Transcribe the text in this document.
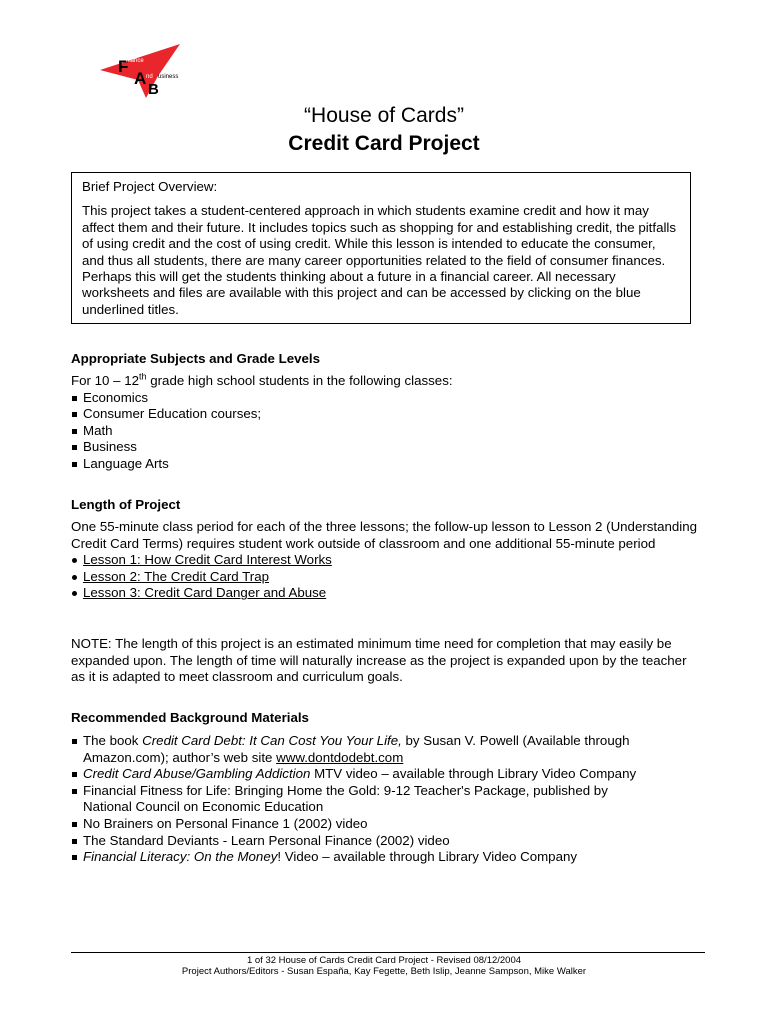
F
A
B
inance
nd usiness
“House of Cards”
Credit Card Project
Brief Project Overview:
This project takes a student-centered approach in which students examine credit and how it may affect them and their future. It includes topics such as shopping for and establishing credit, the pitfalls of using credit and the cost of using credit. While this lesson is intended to educate the consumer, and thus all students, there are many career opportunities related to the field of consumer finances. Perhaps this will get the students thinking about a future in a financial career. All necessary worksheets and files are available with this project and can be accessed by clicking on the blue underlined titles.
Appropriate Subjects and Grade Levels
For 10 – 12th grade high school students in the following classes:
Economics
Consumer Education courses;
Math
Business
Language Arts
Length of Project
One 55-minute class period for each of the three lessons; the follow-up lesson to Lesson 2 (Understanding Credit Card Terms) requires student work outside of classroom and one additional 55-minute period
Lesson 1: How Credit Card Interest Works
Lesson 2: The Credit Card Trap
Lesson 3: Credit Card Danger and Abuse
NOTE: The length of this project is an estimated minimum time need for completion that may easily be expanded upon. The length of time will naturally increase as the project is expanded upon by the teacher as it is adapted to meet classroom and curriculum goals.
Recommended Background Materials
The book Credit Card Debt: It Can Cost You Your Life, by Susan V. Powell (Available through Amazon.com); author’s web site www.dontdodebt.com
Credit Card Abuse/Gambling Addiction MTV video – available through Library Video Company
Financial Fitness for Life: Bringing Home the Gold: 9-12 Teacher's Package, published by National Council on Economic Education
No Brainers on Personal Finance 1 (2002) video
The Standard Deviants - Learn Personal Finance (2002) video
Financial Literacy: On the Money! Video – available through Library Video Company
1 of 32 House of Cards Credit Card Project - Revised 08/12/2004
Project Authors/Editors - Susan España, Kay Fegette, Beth Islip, Jeanne Sampson, Mike Walker
